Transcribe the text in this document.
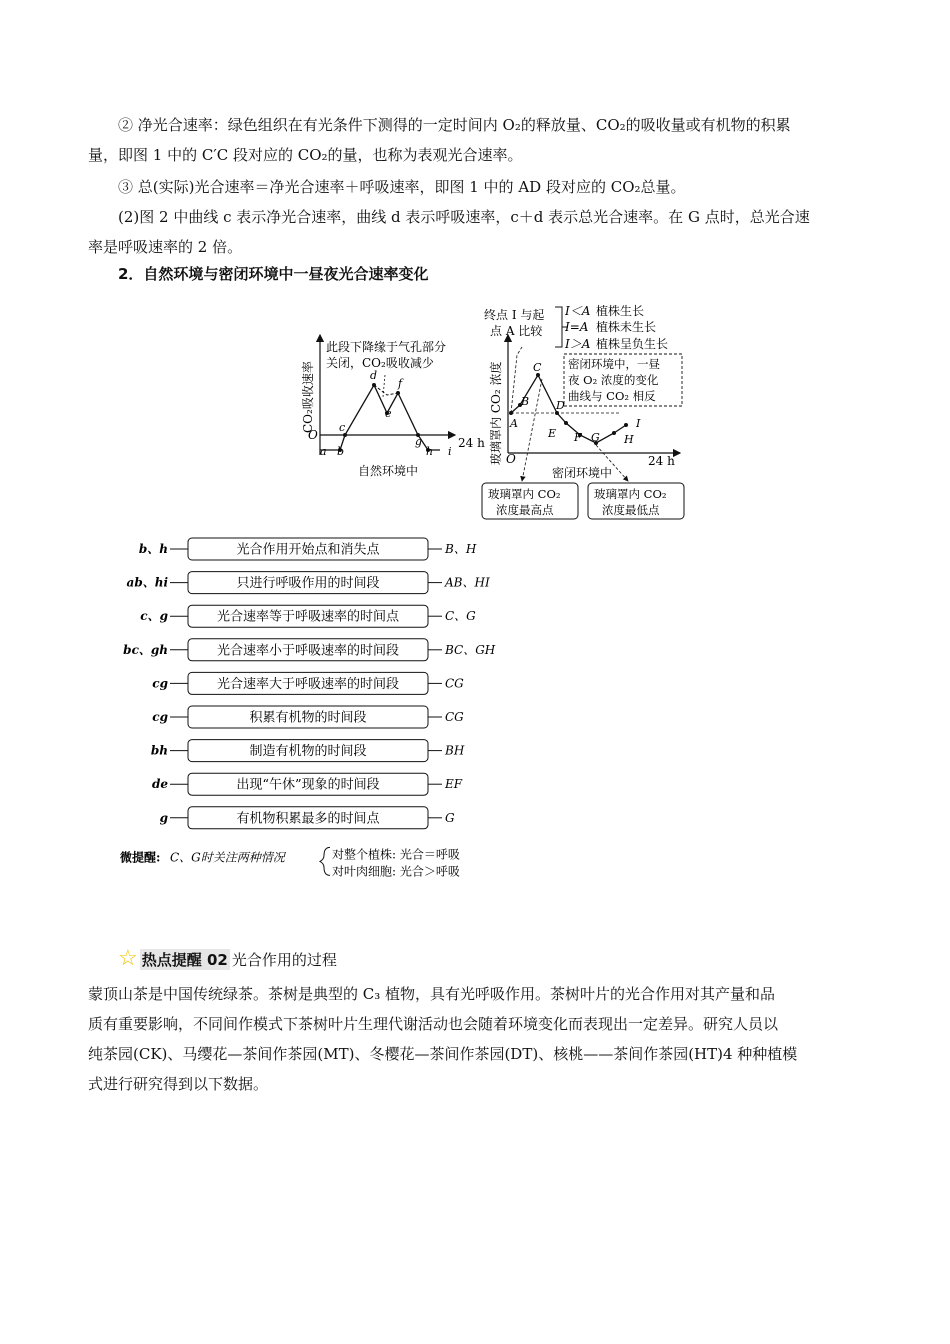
② 净光合速率：绿色组织在有光条件下测得的一定时间内 O₂的释放量、CO₂的吸收量或有机物的积累
量，即图 1 中的 C′C 段对应的 CO₂的量，也称为表观光合速率。
③ 总(实际)光合速率＝净光合速率＋呼吸速率，即图 1 中的 AD 段对应的 CO₂总量。
(2)图 2 中曲线 c 表示净光合速率，曲线 d 表示呼吸速率，c＋d 表示总光合速率。在 G 点时，总光合速
率是呼吸速率的 2 倍。
2．自然环境与密闭环境中一昼夜光合速率变化
CO₂吸收速率
O
24 h
此段下降缘于气孔部分
关闭，CO₂吸收减少
自然环境中
a b
c
d
e
f
g
h i	玻璃罩内 CO₂ 浓度 O	24 h
密闭环境中
终点 I 与起
点 A 比较
I＜A 植株生长
I=A 植株未生长
I＞A 植株呈负生长
密闭环境中，一昼
夜 O₂ 浓度的变化
曲线与 CO₂ 相反
A
B
C
D
E F G H
I
玻璃罩内 CO₂
浓度最高点
玻璃罩内 CO₂
浓度最低点
b、h	光合作用开始点和消失点	B、H
ab、hi	只进行呼吸作用的时间段	AB、HI
c、g	光合速率等于呼吸速率的时间点	C、G
bc、gh	光合速率小于呼吸速率的时间段	BC、GH
cg	光合速率大于呼吸速率的时间段	CG
cg	积累有机物的时间段	CG
bh	制造有机物的时间段	BH
de	出现“午休”现象的时间段	EF
g	有机物积累最多的时间点	G
微提醒: C、G时关注两种情况	对整个植株: 光合＝呼吸
对叶肉细胞: 光合＞呼吸
☆ 热点提醒 02 光合作用的过程
蒙顶山茶是中国传统绿茶。茶树是典型的 C₃ 植物，具有光呼吸作用。茶树叶片的光合作用对其产量和品
质有重要影响，不同间作模式下茶树叶片生理代谢活动也会随着环境变化而表现出一定差异。研究人员以
纯茶园(CK)、马缨花—茶间作茶园(MT)、冬樱花—茶间作茶园(DT)、核桃——茶间作茶园(HT)4 种种植模
式进行研究得到以下数据。
